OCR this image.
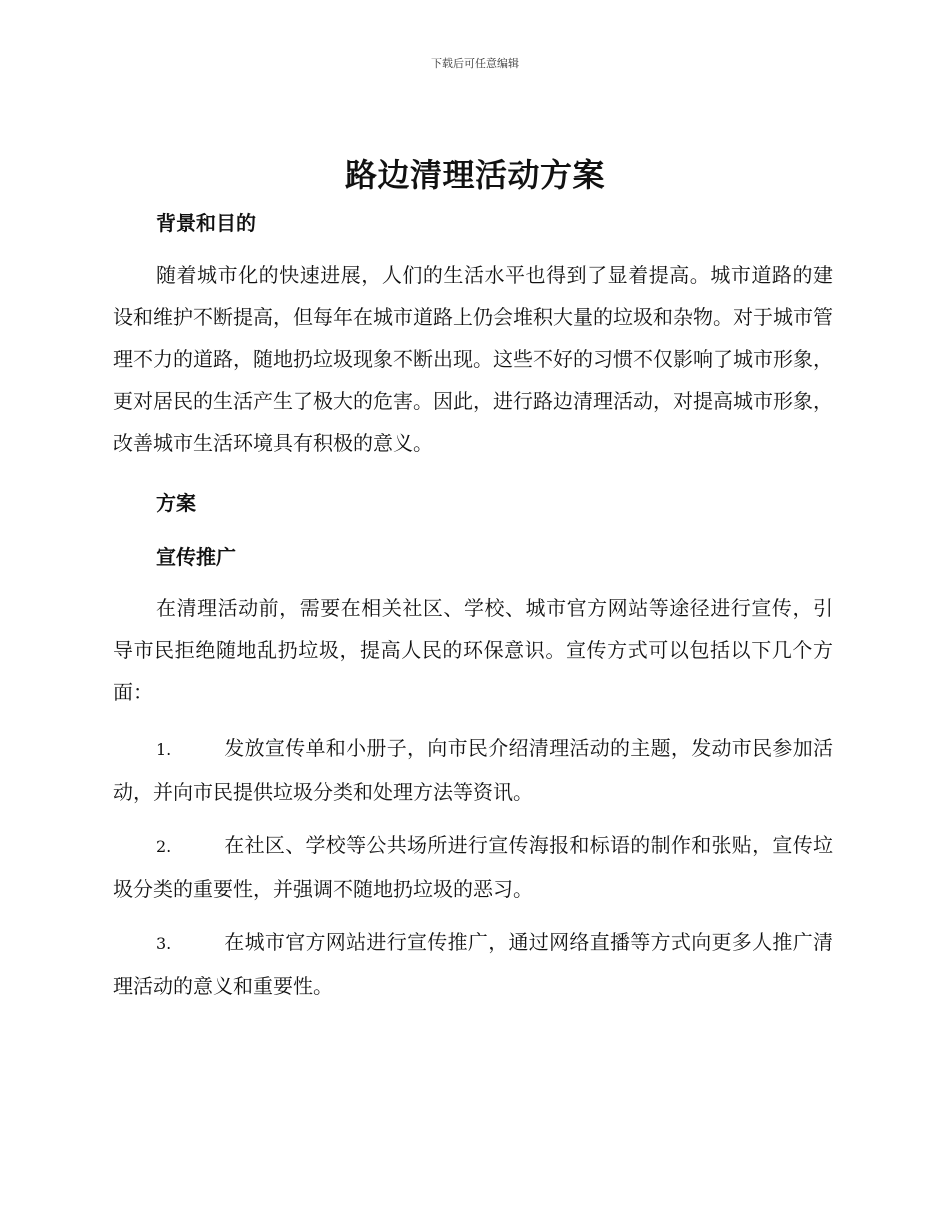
下载后可任意编辑
路边清理活动方案
背景和目的
随着城市化的快速进展，人们的生活水平也得到了显着提高。城市道路的建设和维护不断提高，但每年在城市道路上仍会堆积大量的垃圾和杂物。对于城市管理不力的道路，随地扔垃圾现象不断出现。这些不好的习惯不仅影响了城市形象，更对居民的生活产生了极大的危害。因此，进行路边清理活动，对提高城市形象，改善城市生活环境具有积极的意义。
方案
宣传推广
在清理活动前，需要在相关社区、学校、城市官方网站等途径进行宣传，引导市民拒绝随地乱扔垃圾，提高人民的环保意识。宣传方式可以包括以下几个方面：
1.	发放宣传单和小册子，向市民介绍清理活动的主题，发动市民参加活动，并向市民提供垃圾分类和处理方法等资讯。
2.	在社区、学校等公共场所进行宣传海报和标语的制作和张贴，宣传垃圾分类的重要性，并强调不随地扔垃圾的恶习。
3.	在城市官方网站进行宣传推广，通过网络直播等方式向更多人推广清理活动的意义和重要性。
